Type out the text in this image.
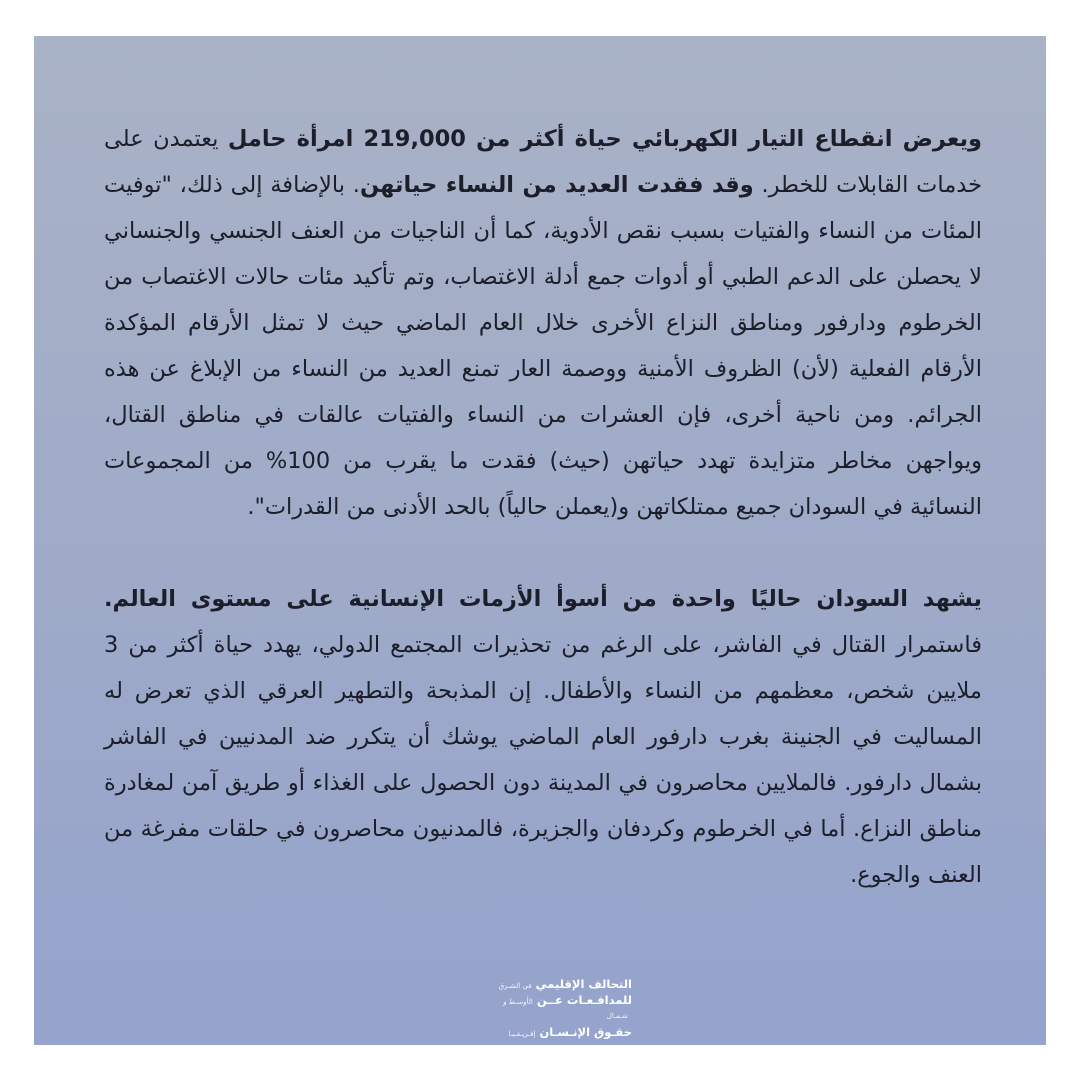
ويعرض انقطاع التيار الكهربائي حياة أكثر من 219,000 امرأة حامل يعتمدن على خدمات القابلات للخطر. وقد فقدت العديد من النساء حياتهن. بالإضافة إلى ذلك، "توفيت المئات من النساء والفتيات بسبب نقص الأدوية، كما أن الناجيات من العنف الجنسي والجنساني لا يحصلن على الدعم الطبي أو أدوات جمع أدلة الاغتصاب، وتم تأكيد مئات حالات الاغتصاب من الخرطوم ودارفور ومناطق النزاع الأخرى خلال العام الماضي حيث لا تمثل الأرقام المؤكدة الأرقام الفعلية (لأن) الظروف الأمنية ووصمة العار تمنع العديد من النساء من الإبلاغ عن هذه الجرائم. ومن ناحية أخرى، فإن العشرات من النساء والفتيات عالقات في مناطق القتال، ويواجهن مخاطر متزايدة تهدد حياتهن (حيث) فقدت ما يقرب من 100% من المجموعات النسائية في السودان جميع ممتلكاتهن و(يعملن حالياً) بالحد الأدنى من القدرات".

يشهد السودان حاليًا واحدة من أسوأ الأزمات الإنسانية على مستوى العالم. فاستمرار القتال في الفاشر، على الرغم من تحذيرات المجتمع الدولي، يهدد حياة أكثر من 3 ملايين شخص، معظمهم من النساء والأطفال. إن المذبحة والتطهير العرقي الذي تعرض له المساليت في الجنينة بغرب دارفور العام الماضي يوشك أن يتكرر ضد المدنيين في الفاشر بشمال دارفور. فالملايين محاصرون في المدينة دون الحصول على الغذاء أو طريق آمن لمغادرة مناطق النزاع. أما في الخرطوم وكردفان والجزيرة، فالمدنيون محاصرون في حلقات مفرغة من العنف والجوع.

التحالف الإقليمي
في الشـرق
للمدافـعـات عــن
الأوسـط و
شـمـال
حقـوق الإنـسـان
إفـريـقـيـا
